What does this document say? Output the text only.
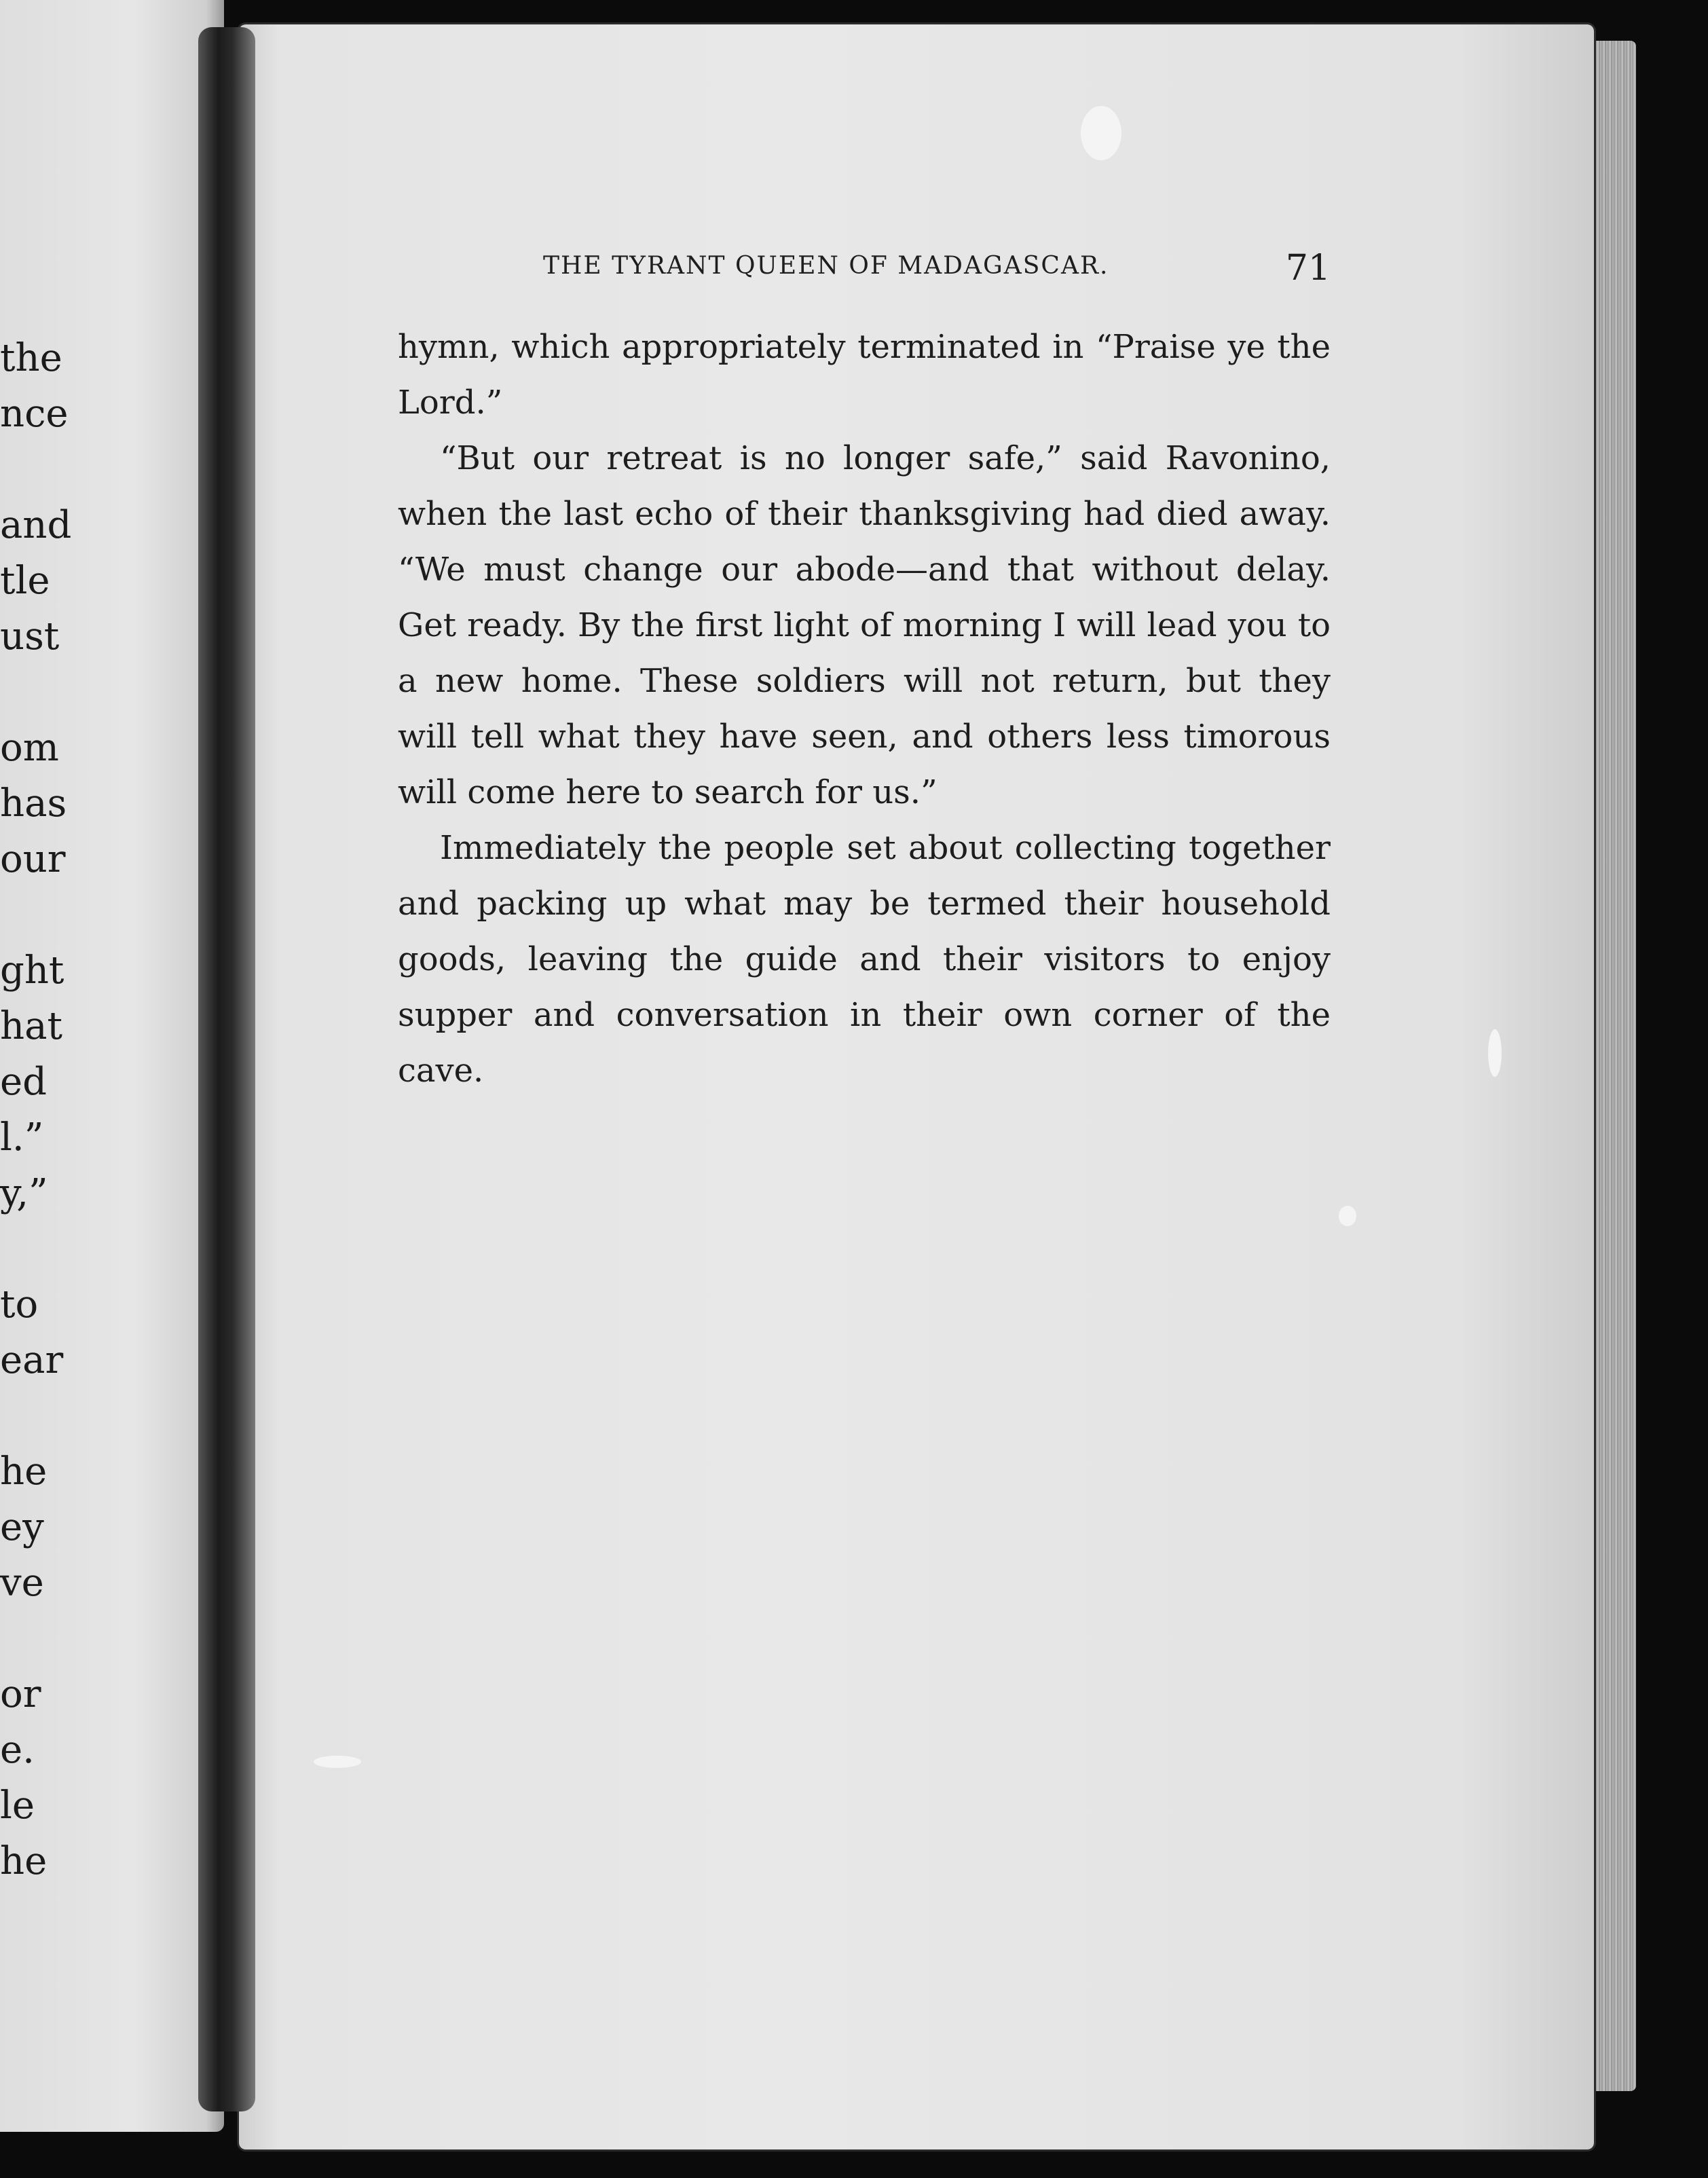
the
nce
and
tle
ust
om
has
our
ght
hat
ed
l.”
y,”
to
ear
he
ey
ve
or
e.
le
he
THE TYRANT QUEEN OF MADAGASCAR.	71

hymn, which appropriately terminated in “Praise ye the Lord.”

“But our retreat is no longer safe,” said Ravonino, when the last echo of their thanksgiving had died away. “We must change our abode—and that without delay. Get ready. By the first light of morning I will lead you to a new home. These soldiers will not return, but they will tell what they have seen, and others less timorous will come here to search for us.”

Immediately the people set about collecting together and packing up what may be termed their household goods, leaving the guide and their visitors to enjoy supper and conversation in their own corner of the cave.
